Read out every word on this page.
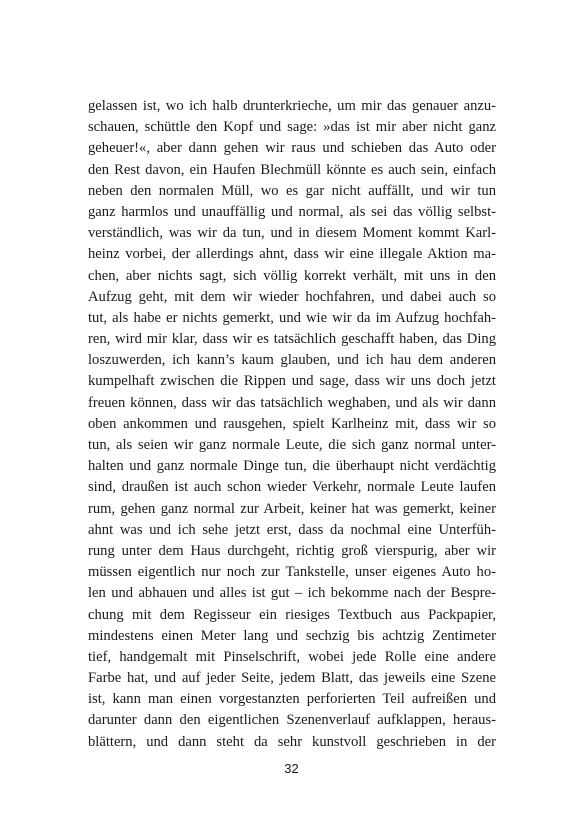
gelassen ist, wo ich halb drunterkrieche, um mir das genauer anzu-
schauen, schüttle den Kopf und sage: »das ist mir aber nicht ganz
geheuer!«, aber dann gehen wir raus und schieben das Auto oder
den Rest davon, ein Haufen Blechmüll könnte es auch sein, einfach
neben den normalen Müll, wo es gar nicht auffällt, und wir tun
ganz harmlos und unauffällig und normal, als sei das völlig selbst-
verständlich, was wir da tun, und in diesem Moment kommt Karl-
heinz vorbei, der allerdings ahnt, dass wir eine illegale Aktion ma-
chen, aber nichts sagt, sich völlig korrekt verhält, mit uns in den
Aufzug geht, mit dem wir wieder hochfahren, und dabei auch so
tut, als habe er nichts gemerkt, und wie wir da im Aufzug hochfah-
ren, wird mir klar, dass wir es tatsächlich geschafft haben, das Ding
loszuwerden, ich kann’s kaum glauben, und ich hau dem anderen
kumpelhaft zwischen die Rippen und sage, dass wir uns doch jetzt
freuen können, dass wir das tatsächlich weghaben, und als wir dann
oben ankommen und rausgehen, spielt Karlheinz mit, dass wir so
tun, als seien wir ganz normale Leute, die sich ganz normal unter-
halten und ganz normale Dinge tun, die überhaupt nicht verdächtig
sind, draußen ist auch schon wieder Verkehr, normale Leute laufen
rum, gehen ganz normal zur Arbeit, keiner hat was gemerkt, keiner
ahnt was und ich sehe jetzt erst, dass da nochmal eine Unterfüh-
rung unter dem Haus durchgeht, richtig groß vierspurig, aber wir
müssen eigentlich nur noch zur Tankstelle, unser eigenes Auto ho-
len und abhauen und alles ist gut – ich bekomme nach der Bespre-
chung mit dem Regisseur ein riesiges Textbuch aus Packpapier,
mindestens einen Meter lang und sechzig bis achtzig Zentimeter
tief, handgemalt mit Pinselschrift, wobei jede Rolle eine andere
Farbe hat, und auf jeder Seite, jedem Blatt, das jeweils eine Szene
ist, kann man einen vorgestanzten perforierten Teil aufreißen und
darunter dann den eigentlichen Szenenverlauf aufklappen, heraus-
blättern, und dann steht da sehr kunstvoll geschrieben in der
32
